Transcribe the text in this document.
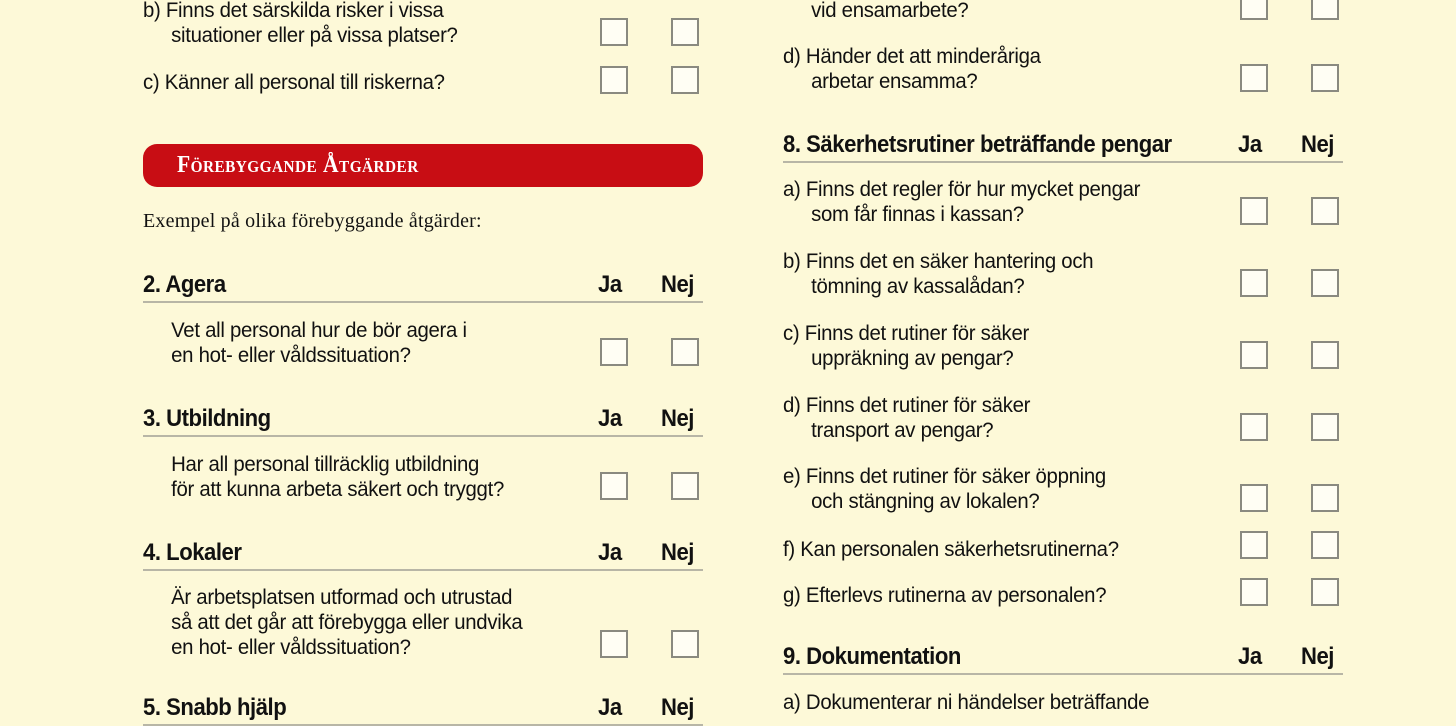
b) Finns det särskilda risker i vissa
situationer eller på vissa platser?
c) Känner all personal till riskerna?
Förebyggande Åtgärder
Exempel på olika förebyggande åtgärder:
2. Agera	Ja Nej
Vet all personal hur de bör agera i
en hot- eller våldssituation?
3. Utbildning	Ja Nej
Har all personal tillräcklig utbildning
för att kunna arbeta säkert och tryggt?
4. Lokaler	Ja Nej
Är arbetsplatsen utformad och utrustad
så att det går att förebygga eller undvika
en hot- eller våldssituation?
5. Snabb hjälp	Ja Nej
vid ensamarbete?
d) Händer det att minderåriga
arbetar ensamma?
8. Säkerhetsrutiner beträffande pengar	Ja Nej
a) Finns det regler för hur mycket pengar
som får finnas i kassan?
b) Finns det en säker hantering och
tömning av kassalådan?
c) Finns det rutiner för säker
uppräkning av pengar?
d) Finns det rutiner för säker
transport av pengar?
e) Finns det rutiner för säker öppning
och stängning av lokalen?
f) Kan personalen säkerhetsrutinerna?
g) Efterlevs rutinerna av personalen?
9. Dokumentation	Ja Nej
a) Dokumenterar ni händelser beträffande
